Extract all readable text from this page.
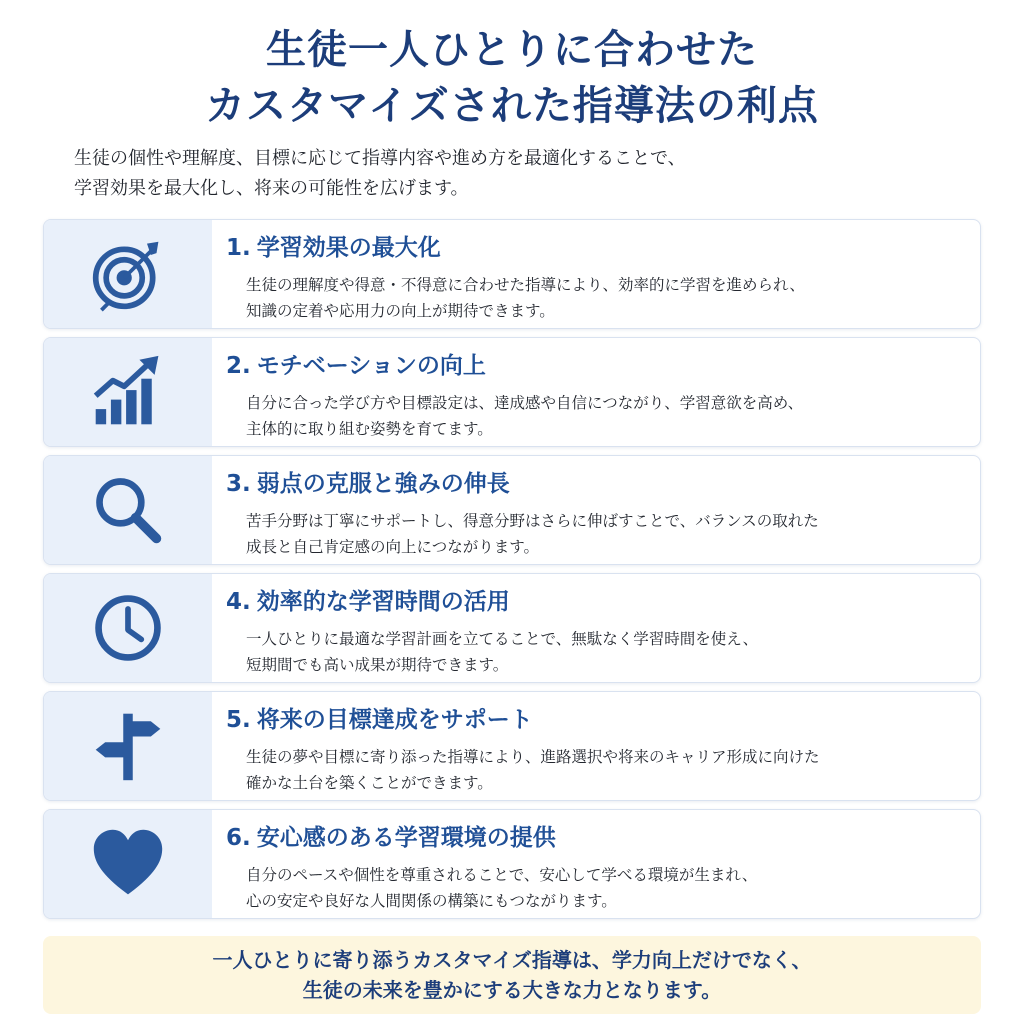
生徒一人ひとりに合わせた
カスタマイズされた指導法の利点
生徒の個性や理解度、目標に応じて指導内容や進め方を最適化することで、
学習効果を最大化し、将来の可能性を広げます。
1. 学習効果の最大化
生徒の理解度や得意・不得意に合わせた指導により、効率的に学習を進められ、
知識の定着や応用力の向上が期待できます。
2. モチベーションの向上
自分に合った学び方や目標設定は、達成感や自信につながり、学習意欲を高め、
主体的に取り組む姿勢を育てます。
3. 弱点の克服と強みの伸長
苦手分野は丁寧にサポートし、得意分野はさらに伸ばすことで、バランスの取れた
成長と自己肯定感の向上につながります。
4. 効率的な学習時間の活用
一人ひとりに最適な学習計画を立てることで、無駄なく学習時間を使え、
短期間でも高い成果が期待できます。
5. 将来の目標達成をサポート
生徒の夢や目標に寄り添った指導により、進路選択や将来のキャリア形成に向けた
確かな土台を築くことができます。
6. 安心感のある学習環境の提供
自分のペースや個性を尊重されることで、安心して学べる環境が生まれ、
心の安定や良好な人間関係の構築にもつながります。
一人ひとりに寄り添うカスタマイズ指導は、学力向上だけでなく、
生徒の未来を豊かにする大きな力となります。
